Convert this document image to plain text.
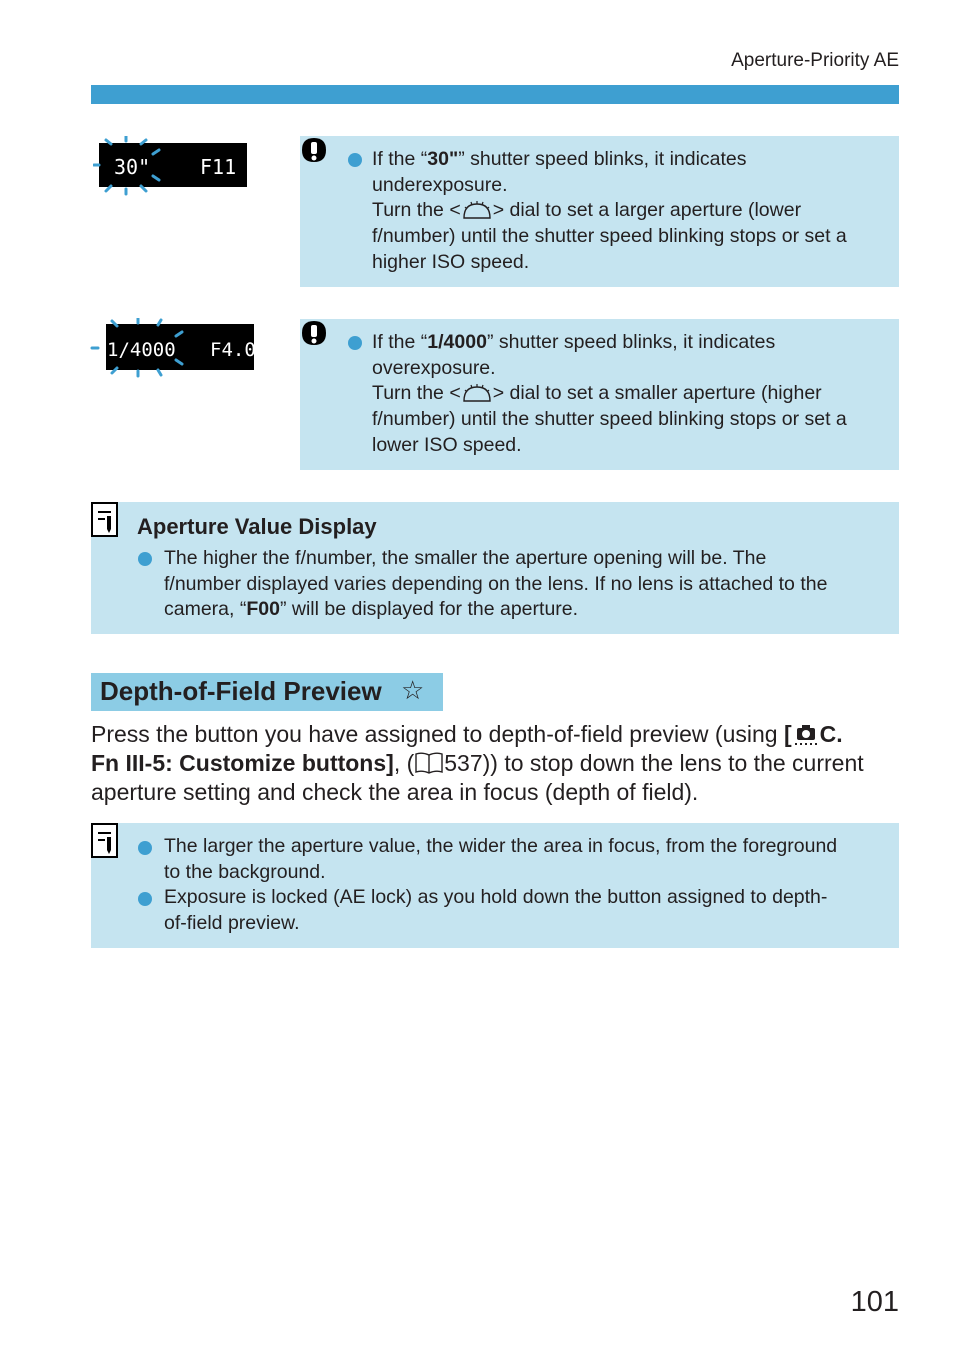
Aperture-Priority AE
30" F11	If the “30"” shutter speed blinks, it indicates
underexposure.
Turn the < > dial to set a larger aperture (lower
f/number) until the shutter speed blinking stops or set a
higher ISO speed.
1/4000 F4.0	If the “1/4000” shutter speed blinks, it indicates
overexposure.
Turn the < > dial to set a smaller aperture (higher
f/number) until the shutter speed blinking stops or set a
lower ISO speed.
Aperture Value Display
The higher the f/number, the smaller the aperture opening will be. The
f/number displayed varies depending on the lens. If no lens is attached to the
camera, “F00” will be displayed for the aperture.
Depth-of-Field Preview ☆
Press the button you have assigned to depth-of-field preview (using [ C.
Fn III-5: Customize buttons], ( 537)) to stop down the lens to the current aperture setting and check the area in focus (depth of field).
The larger the aperture value, the wider the area in focus, from the foreground
to the background.
Exposure is locked (AE lock) as you hold down the button assigned to depth-
of-field preview.
101
